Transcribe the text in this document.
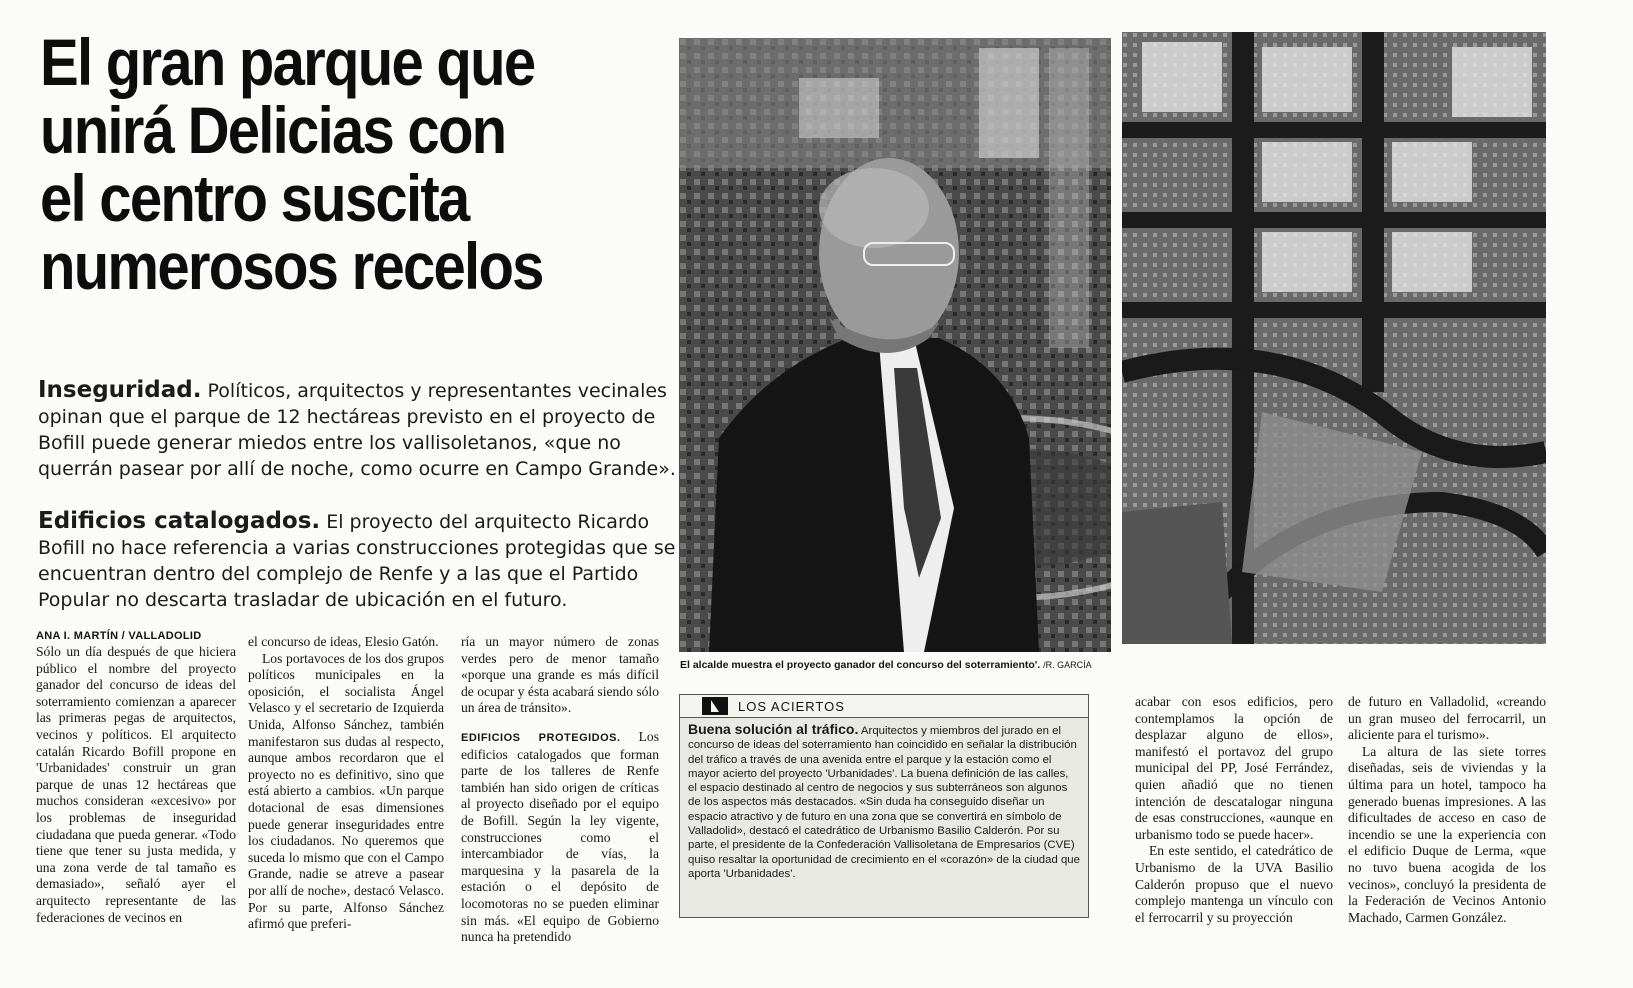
El gran parque que
unirá Delicias con
el centro suscita
numerosos recelos
Inseguridad. Políticos, arquitectos y representantes vecinales opinan que el parque de 12 hectáreas previsto en el proyecto de Bofill puede generar miedos entre los vallisoletanos, «que no querrán pasear por allí de noche, como ocurre en Campo Grande».
Edificios catalogados. El proyecto del arquitecto Ricardo Bofill no hace referencia a varias construcciones protegidas que se encuentran dentro del complejo de Renfe y a las que el Partido Popular no descarta trasladar de ubicación en el futuro.
ANA I. MARTÍN / VALLADOLID

Sólo un día después de que hiciera público el nombre del proyecto ganador del concurso de ideas del soterramiento comienzan a aparecer las primeras pegas de arquitectos, vecinos y políticos. El arquitecto catalán Ricardo Bofill propone en 'Urbanidades' construir un gran parque de unas 12 hectáreas que muchos consideran «excesivo» por los problemas de inseguridad ciudadana que pueda generar. «Todo tiene que tener su justa medida, y una zona verde de tal tamaño es demasiado», señaló ayer el arquitecto representante de las federaciones de vecinos en

el concurso de ideas, Elesio Gatón.

Los portavoces de los dos grupos políticos municipales en la oposición, el socialista Ángel Velasco y el secretario de Izquierda Unida, Alfonso Sánchez, también manifestaron sus dudas al respecto, aunque ambos recordaron que el proyecto no es definitivo, sino que está abierto a cambios. «Un parque dotacional de esas dimensiones puede generar inseguridades entre los ciudadanos. No queremos que suceda lo mismo que con el Campo Grande, nadie se atreve a pasear por allí de noche», destacó Velasco. Por su parte, Alfonso Sánchez afirmó que preferi-

ría un mayor número de zonas verdes pero de menor tamaño «porque una grande es más difícil de ocupar y ésta acabará siendo sólo un área de tránsito».

EDIFICIOS PROTEGIDOS. Los edificios catalogados que forman parte de los talleres de Renfe también han sido origen de críticas al proyecto diseñado por el equipo de Bofill. Según la ley vigente, construcciones como el intercambiador de vías, la marquesina y la pasarela de la estación o el depósito de locomotoras no se pueden eliminar sin más. «El equipo de Gobierno nunca ha pretendido

El alcalde muestra el proyecto ganador del concurso del soterramiento'. /R. GARCÍA
LOS ACIERTOS
Buena solución al tráfico. Arquitectos y miembros del jurado en el concurso de ideas del soterramiento han coincidido en señalar la distribución del tráfico a través de una avenida entre el parque y la estación como el mayor acierto del proyecto 'Urbanidades'. La buena definición de las calles, el espacio destinado al centro de negocios y sus subterráneos son algunos de los aspectos más destacados. «Sin duda ha conseguido diseñar un espacio atractivo y de futuro en una zona que se convertirá en símbolo de Valladolid», destacó el catedrático de Urbanismo Basilio Calderón. Por su parte, el presidente de la Confederación Vallisoletana de Empresarios (CVE) quiso resaltar la oportunidad de crecimiento en el «corazón» de la ciudad que aporta 'Urbanidades'.

acabar con esos edificios, pero contemplamos la opción de desplazar alguno de ellos», manifestó el portavoz del grupo municipal del PP, José Ferrández, quien añadió que no tienen intención de descatalogar ninguna de esas construcciones, «aunque en urbanismo todo se puede hacer».

En este sentido, el catedrático de Urbanismo de la UVA Basilio Calderón propuso que el nuevo complejo mantenga un vínculo con el ferrocarril y su proyección

de futuro en Valladolid, «creando un gran museo del ferrocarril, un aliciente para el turismo».

La altura de las siete torres diseñadas, seis de viviendas y la última para un hotel, tampoco ha generado buenas impresiones. A las dificultades de acceso en caso de incendio se une la experiencia con el edificio Duque de Lerma, «que no tuvo buena acogida de los vecinos», concluyó la presidenta de la Federación de Vecinos Antonio Machado, Carmen González.
